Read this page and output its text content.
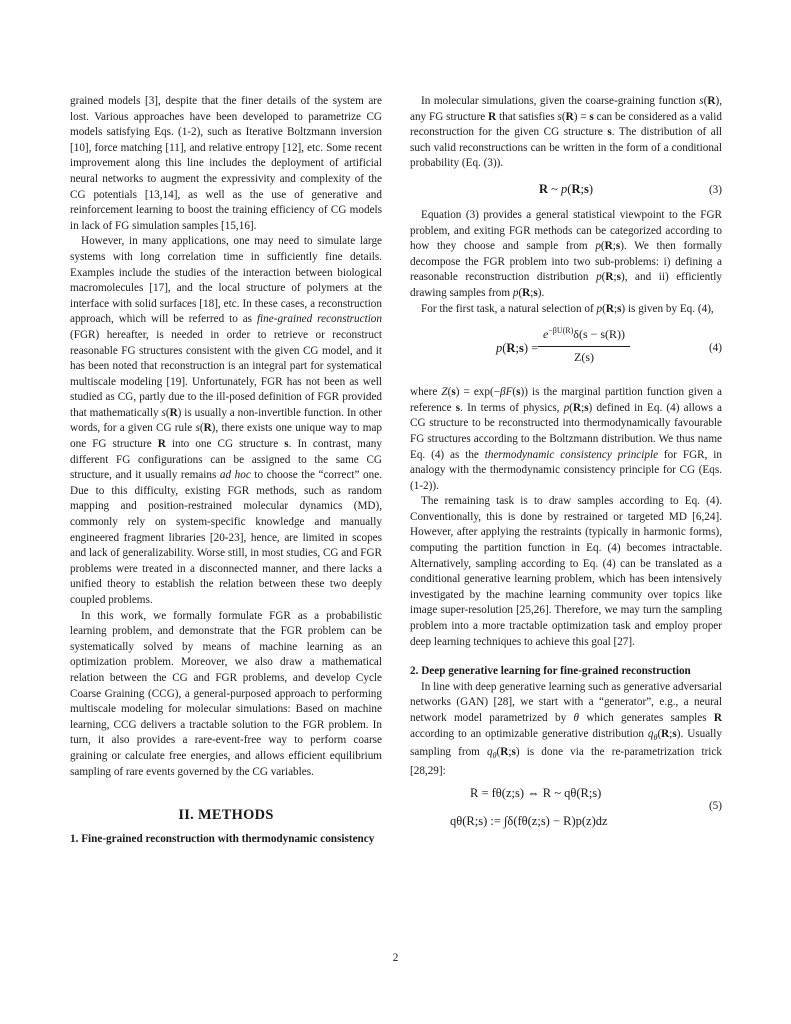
grained models [3], despite that the finer details of the system are lost. Various approaches have been developed to parametrize CG models satisfying Eqs. (1-2), such as Iterative Boltzmann inversion [10], force matching [11], and relative entropy [12], etc. Some recent improvement along this line includes the deployment of artificial neural networks to augment the expressivity and complexity of the CG potentials [13,14], as well as the use of generative and reinforcement learning to boost the training efficiency of CG models in lack of FG simulation samples [15,16].

However, in many applications, one may need to simulate large systems with long correlation time in sufficiently fine details. Examples include the studies of the interaction between biological macromolecules [17], and the local structure of polymers at the interface with solid surfaces [18], etc. In these cases, a reconstruction approach, which will be referred to as fine-grained reconstruction (FGR) hereafter, is needed in order to retrieve or reconstruct reasonable FG structures consistent with the given CG model, and it has been noted that reconstruction is an integral part for systematical multiscale modeling [19]. Unfortunately, FGR has not been as well studied as CG, partly due to the ill-posed definition of FGR provided that mathematically s(R) is usually a non-invertible function. In other words, for a given CG rule s(R), there exists one unique way to map one FG structure R into one CG structure s. In contrast, many different FG configurations can be assigned to the same CG structure, and it usually remains ad hoc to choose the “correct” one. Due to this difficulty, existing FGR methods, such as random mapping and position-restrained molecular dynamics (MD), commonly rely on system-specific knowledge and manually engineered fragment libraries [20-23], hence, are limited in scopes and lack of generalizability. Worse still, in most studies, CG and FGR problems were treated in a disconnected manner, and there lacks a unified theory to establish the relation between these two deeply coupled problems.

In this work, we formally formulate FGR as a probabilistic learning problem, and demonstrate that the FGR problem can be systematically solved by means of machine learning as an optimization problem. Moreover, we also draw a mathematical relation between the CG and FGR problems, and develop Cycle Coarse Graining (CCG), a general-purposed approach to performing multiscale modeling for molecular simulations: Based on machine learning, CCG delivers a tractable solution to the FGR problem. In turn, it also provides a rare-event-free way to perform coarse graining or calculate free energies, and allows efficient equilibrium sampling of rare events governed by the CG variables.

II. METHODS

1. Fine-grained reconstruction with thermodynamic consistency

In molecular simulations, given the coarse-graining function s(R), any FG structure R that satisfies s(R) = s can be considered as a valid reconstruction for the given CG structure s. The distribution of all such valid reconstructions can be written in the form of a conditional probability (Eq. (3)).

R ~ p(R;s)	(3)

Equation (3) provides a general statistical viewpoint to the FGR problem, and exiting FGR methods can be categorized according to how they choose and sample from p(R;s). We then formally decompose the FGR problem into two sub-problems: i) defining a reasonable reconstruction distribution p(R;s), and ii) efficiently drawing samples from p(R;s).

For the first task, a natural selection of p(R;s) is given by Eq. (4),

p(R;s) = $\frac{e^{-\beta U(R)}\delta(s - s(R))}{Z(s)}$	(4)

where Z(s) = exp(−βF(s)) is the marginal partition function given a reference s. In terms of physics, p(R;s) defined in Eq. (4) allows a CG structure to be reconstructed into thermodynamically favourable FG structures according to the Boltzmann distribution. We thus name Eq. (4) as the thermodynamic consistency principle for FGR, in analogy with the thermodynamic consistency principle for CG (Eqs. (1-2)).

The remaining task is to draw samples according to Eq. (4). Conventionally, this is done by restrained or targeted MD [6,24]. However, after applying the restraints (typically in harmonic forms), computing the partition function in Eq. (4) becomes intractable. Alternatively, sampling according to Eq. (4) can be translated as a conditional generative learning problem, which has been intensively investigated by the machine learning community over topics like image super-resolution [25,26]. Therefore, we may turn the sampling problem into a more tractable optimization task and employ proper deep learning techniques to achieve this goal [27].

2. Deep generative learning for fine-grained reconstruction

In line with deep generative learning such as generative adversarial networks (GAN) [28], we start with a “generator”, e.g., a neural network model parametrized by θ which generates samples R according to an optimizable generative distribution $q_\theta(R;s)$. Usually sampling from $q_\theta(R;s)$ is done via the re-parametrization trick [28,29]:

R = fθ(z;s) ⇔ R ~ qθ(R;s)
qθ(R;s) := ∫δ(fθ(z;s) − R)p(z)dz
(5)
2
